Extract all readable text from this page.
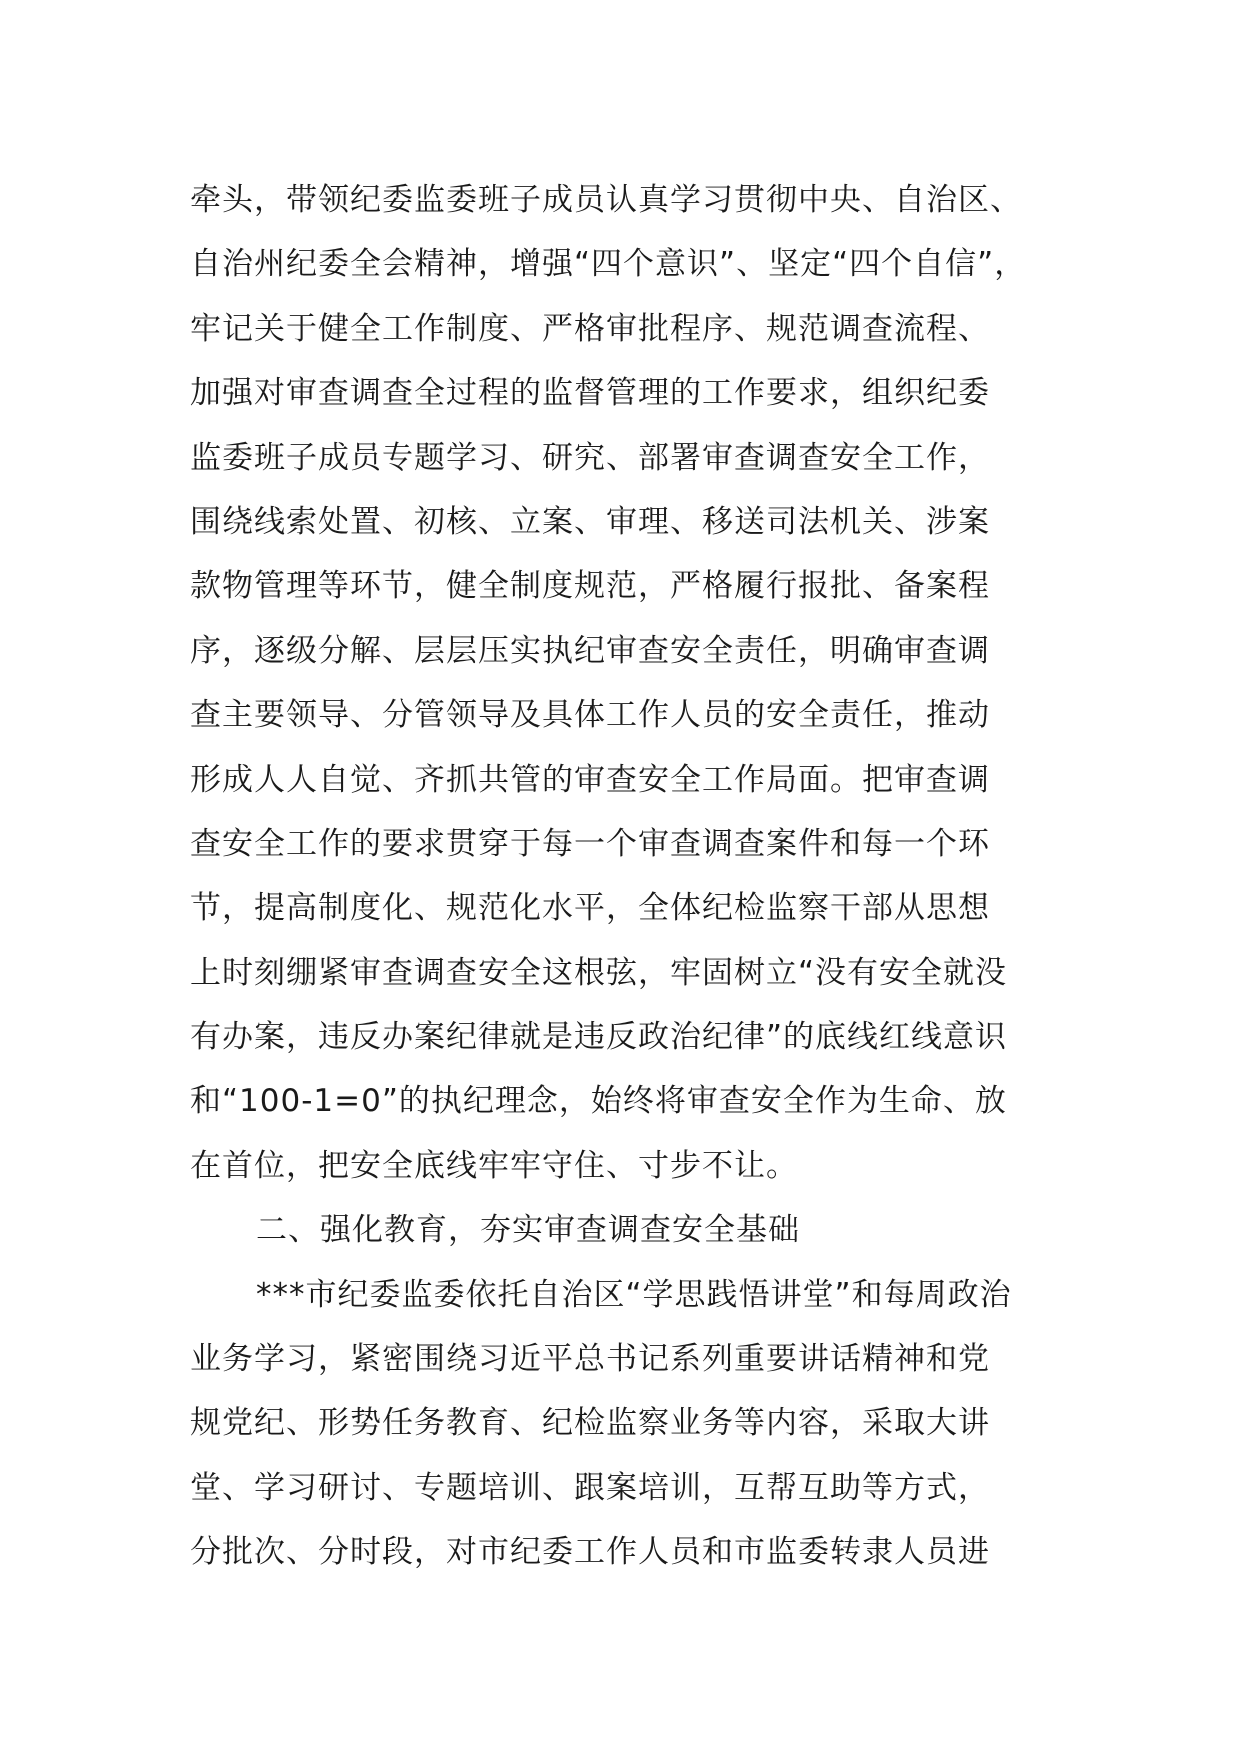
牵头，带领纪委监委班子成员认真学习贯彻中央、自治区、
自治州纪委全会精神，增强“四个意识”、坚定“四个自信”，
牢记关于健全工作制度、严格审批程序、规范调查流程、
加强对审查调查全过程的监督管理的工作要求，组织纪委
监委班子成员专题学习、研究、部署审查调查安全工作，
围绕线索处置、初核、立案、审理、移送司法机关、涉案
款物管理等环节，健全制度规范，严格履行报批、备案程
序，逐级分解、层层压实执纪审查安全责任，明确审查调
查主要领导、分管领导及具体工作人员的安全责任，推动
形成人人自觉、齐抓共管的审查安全工作局面。把审查调
查安全工作的要求贯穿于每一个审查调查案件和每一个环
节，提高制度化、规范化水平，全体纪检监察干部从思想
上时刻绷紧审查调查安全这根弦，牢固树立“没有安全就没
有办案，违反办案纪律就是违反政治纪律”的底线红线意识
和“100-1=0”的执纪理念，始终将审查安全作为生命、放
在首位，把安全底线牢牢守住、寸步不让。
二、强化教育，夯实审查调查安全基础
***市纪委监委依托自治区“学思践悟讲堂”和每周政治
业务学习，紧密围绕习近平总书记系列重要讲话精神和党
规党纪、形势任务教育、纪检监察业务等内容，采取大讲
堂、学习研讨、专题培训、跟案培训，互帮互助等方式，
分批次、分时段，对市纪委工作人员和市监委转隶人员进
